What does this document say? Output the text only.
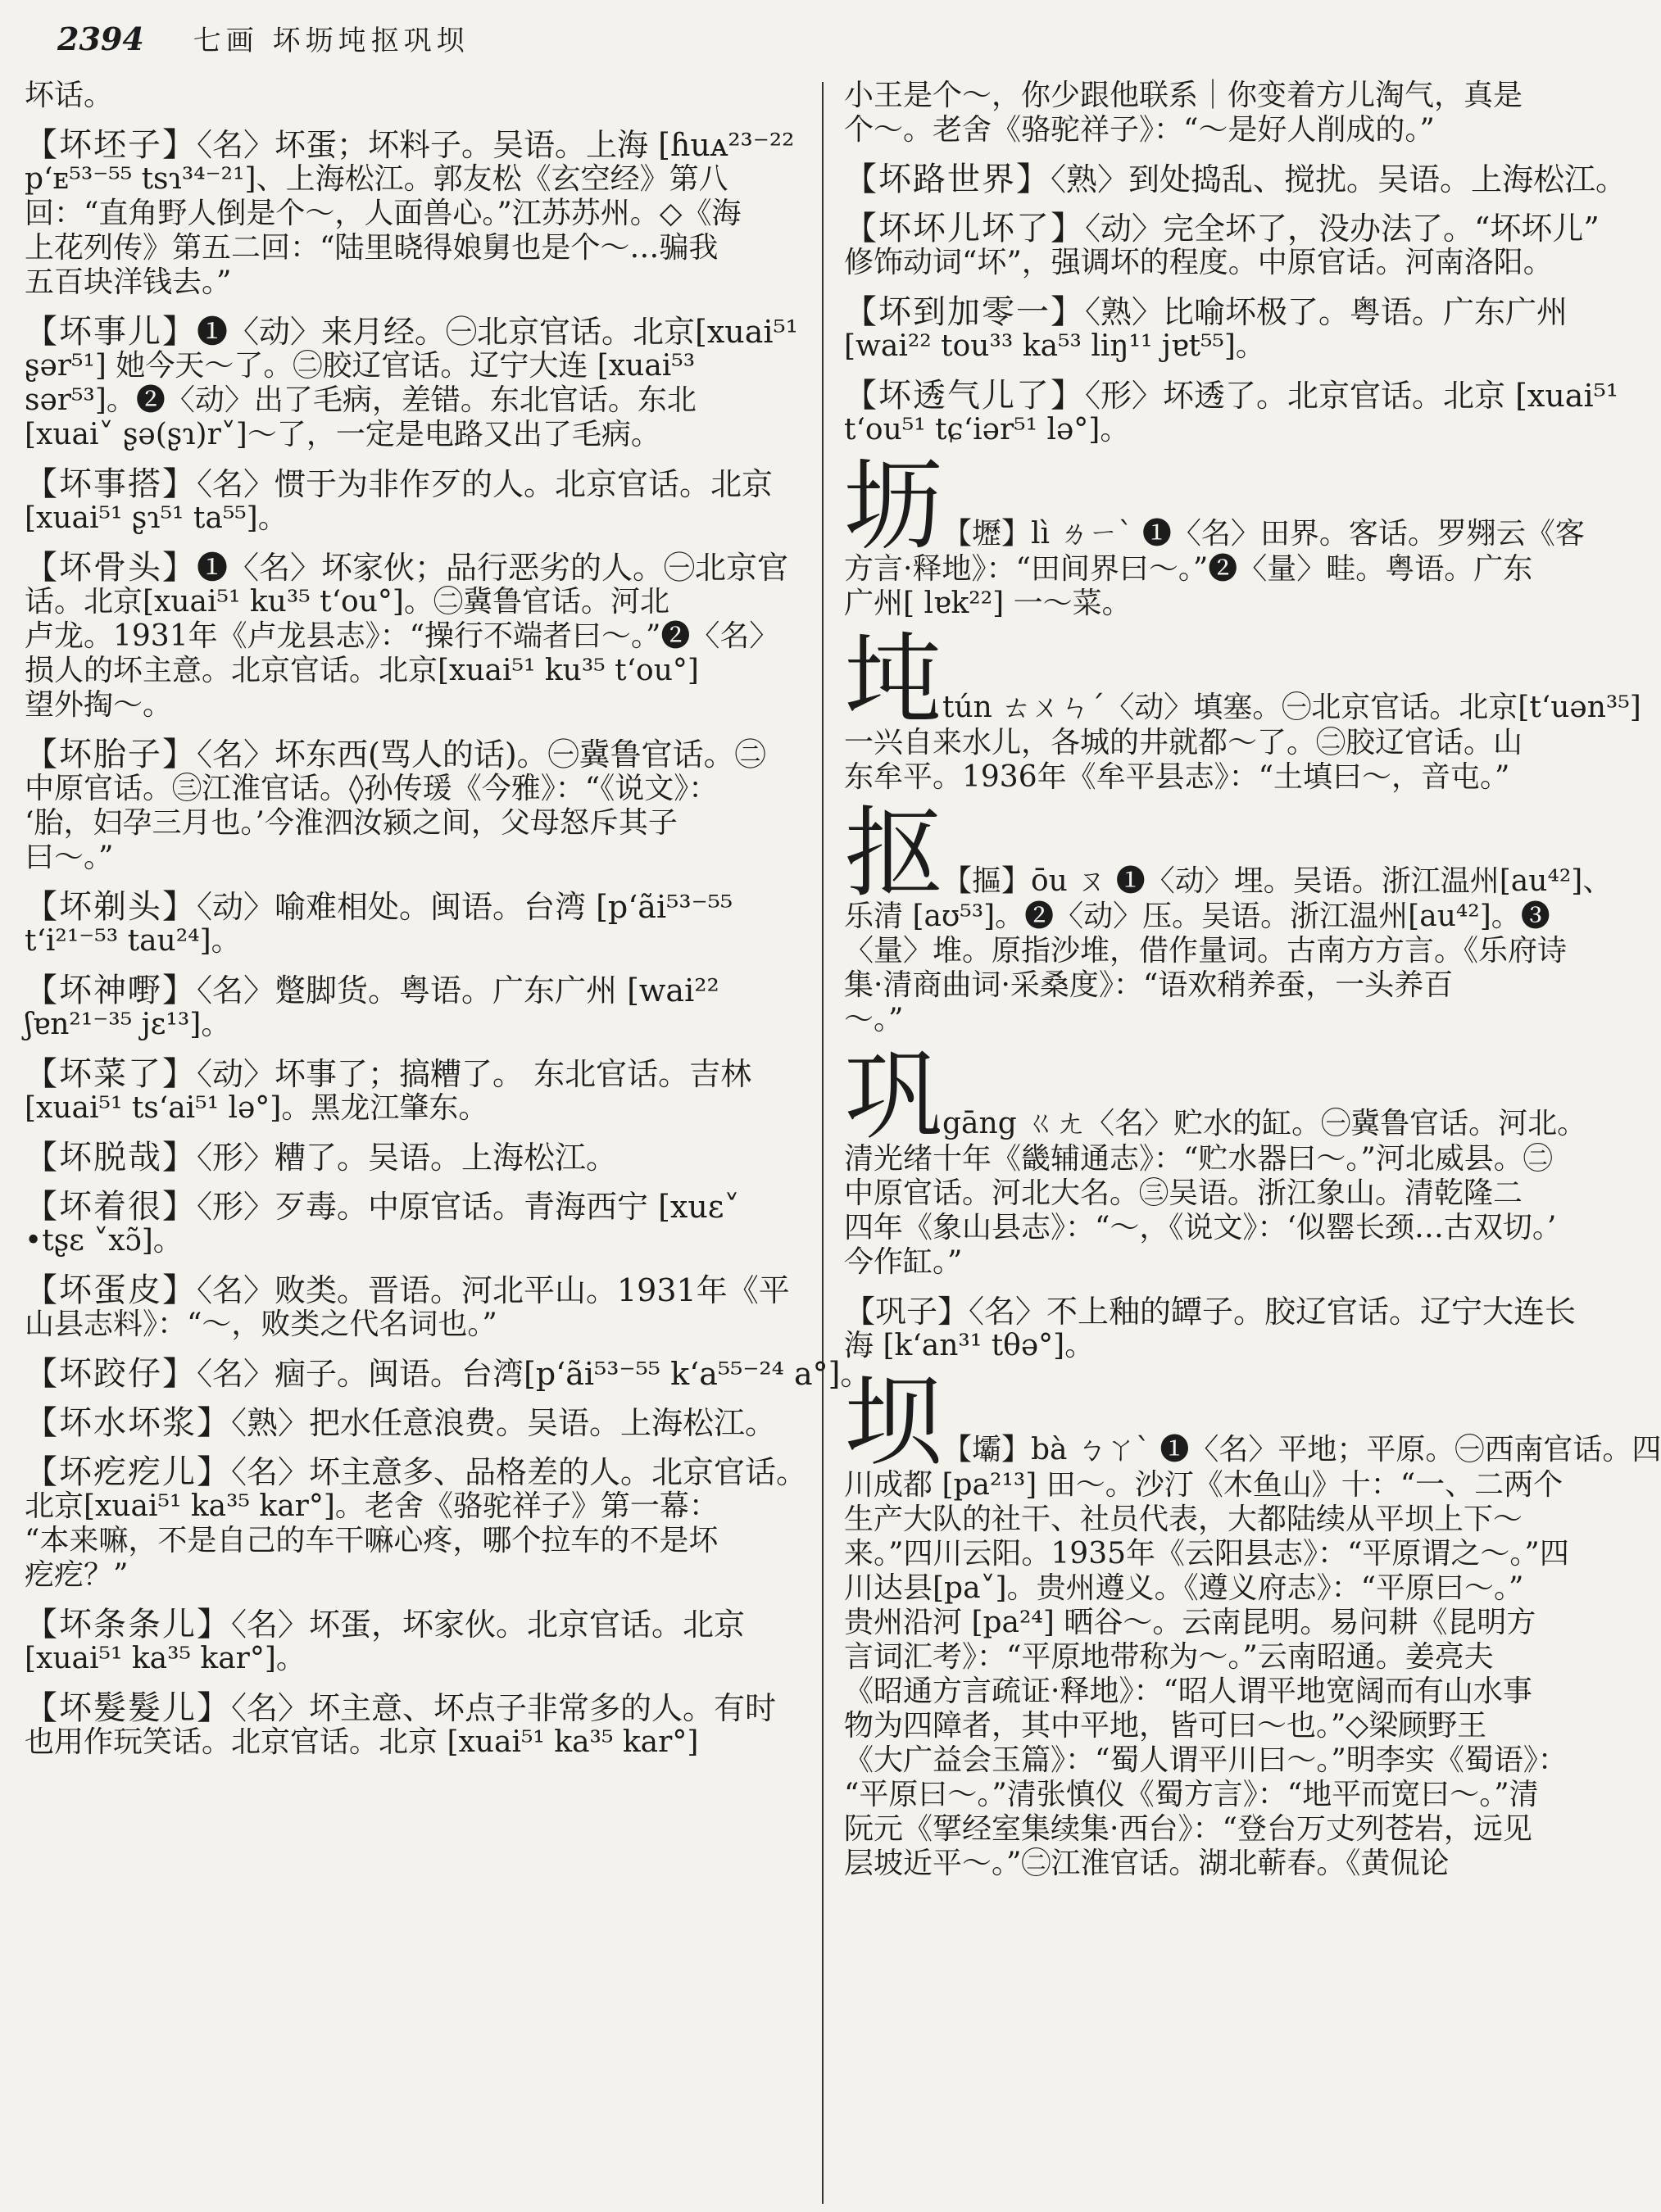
2394 七画 坏坜坉抠巩坝
坏话。
【坏坯子】〈名〉坏蛋；坏料子。吴语。上海 [ɦuᴀ²³⁻²²
pʻᴇ⁵³⁻⁵⁵ tsɿ³⁴⁻²¹]、上海松江。郭友松《玄空经》第八
回：“直角野人倒是个～，人面兽心。”江苏苏州。◇《海
上花列传》第五二回：“陆里晓得娘舅也是个～…骗我
五百块洋钱去。”
【坏事儿】❶〈动〉来月经。㊀北京官话。北京[xuai⁵¹
ʂər⁵¹] 她今天～了。㊁胶辽官话。辽宁大连 [xuai⁵³
sər⁵³]。❷〈动〉出了毛病，差错。东北官话。东北
[xuai˅ ʂə(ʂɿ)r˅]～了，一定是电路又出了毛病。
【坏事搭】〈名〉惯于为非作歹的人。北京官话。北京
[xuai⁵¹ ʂɿ⁵¹ ta⁵⁵]。
【坏骨头】❶〈名〉坏家伙；品行恶劣的人。㊀北京官
话。北京[xuai⁵¹ ku³⁵ tʻou°]。㊁冀鲁官话。河北
卢龙。1931年《卢龙县志》：“操行不端者曰～。”❷〈名〉
损人的坏主意。北京官话。北京[xuai⁵¹ ku³⁵ tʻou°]
望外掏～。
【坏胎子】〈名〉坏东西(骂人的话)。㊀冀鲁官话。㊁
中原官话。㊂江淮官话。◊孙传瑗《今雅》：“《说文》：
‘胎，妇孕三月也。’今淮泗汝颍之间，父母怒斥其子
曰～。”
【坏剃头】〈动〉喻难相处。闽语。台湾 [pʻãi⁵³⁻⁵⁵
tʻi²¹⁻⁵³ tau²⁴]。
【坏神嘢】〈名〉蹩脚货。粤语。广东广州 [wai²²
ʃɐn²¹⁻³⁵ jɛ¹³]。
【坏菜了】〈动〉坏事了；搞糟了。 东北官话。吉林
[xuai⁵¹ tsʻai⁵¹ lə°]。黑龙江肇东。
【坏脱哉】〈形〉糟了。吴语。上海松江。
【坏着很】〈形〉歹毒。中原官话。青海西宁 [xuɛ˅
•tʂɛ ˅xɔ̃]。
【坏蛋皮】〈名〉败类。晋语。河北平山。1931年《平
山县志料》：“～，败类之代名词也。”
【坏跤仔】〈名〉痼子。闽语。台湾[pʻãi⁵³⁻⁵⁵ kʻa⁵⁵⁻²⁴ a°]。
【坏水坏浆】〈熟〉把水任意浪费。吴语。上海松江。
【坏疙疙儿】〈名〉坏主意多、品格差的人。北京官话。
北京[xuai⁵¹ ka³⁵ kar°]。老舍《骆驼祥子》第一幕：
“本来嘛，不是自己的车干嘛心疼，哪个拉车的不是坏
疙疙？”
【坏条条儿】〈名〉坏蛋，坏家伙。北京官话。北京
[xuai⁵¹ ka³⁵ kar°]。
【坏髮髮儿】〈名〉坏主意、坏点子非常多的人。有时
也用作玩笑话。北京官话。北京 [xuai⁵¹ ka³⁵ kar°]
小王是个～，你少跟他联系｜你变着方儿淘气，真是
个～。老舍《骆驼祥子》：“～是好人削成的。”
【坏路世界】〈熟〉到处捣乱、搅扰。吴语。上海松江。
【坏坏儿坏了】〈动〉完全坏了，没办法了。“坏坏儿”
修饰动词“坏”，强调坏的程度。中原官话。河南洛阳。
【坏到加零一】〈熟〉比喻坏极了。粤语。广东广州
[wai²² tou³³ ka⁵³ liŋ¹¹ jɐt⁵⁵]。
【坏透气儿了】〈形〉坏透了。北京官话。北京 [xuai⁵¹
tʻou⁵¹ tɕʻiər⁵¹ lə°]。
坜 【壢】lì ㄌㄧˋ ❶〈名〉田界。客话。罗翙云《客
方言·释地》：“田间界曰～。”❷〈量〉畦。粤语。广东
广州[ lɐk²²] 一～菜。
坉 tún ㄊㄨㄣˊ〈动〉填塞。㊀北京官话。北京[tʻuən³⁵]
一兴自来水儿，各城的井就都～了。㊁胶辽官话。山
东牟平。1936年《牟平县志》：“土填曰～，音屯。”
抠 【摳】ōu ㄡ ❶〈动〉埋。吴语。浙江温州[au⁴²]、
乐清 [aʊ⁵³]。❷〈动〉压。吴语。浙江温州[au⁴²]。❸
〈量〉堆。原指沙堆，借作量词。古南方方言。《乐府诗
集·清商曲词·采桑度》：“语欢稍养蚕，一头养百
～。”
巩 gāng ㄍㄤ〈名〉贮水的缸。㊀冀鲁官话。河北。
清光绪十年《畿辅通志》：“贮水器曰～。”河北威县。㊁
中原官话。河北大名。㊂吴语。浙江象山。清乾隆二
四年《象山县志》：“～，《说文》：‘似罂长颈…古双切。’
今作缸。”
【巩子】〈名〉不上釉的罈子。胶辽官话。辽宁大连长
海 [kʻan³¹ tθə°]。
坝 【壩】bà ㄅㄚˋ ❶〈名〉平地；平原。㊀西南官话。四
川成都 [pa²¹³] 田～。沙汀《木鱼山》十：“一、二两个
生产大队的社干、社员代表，大都陆续从平坝上下～
来。”四川云阳。1935年《云阳县志》：“平原谓之～。”四
川达县[pa˅]。贵州遵义。《遵义府志》：“平原曰～。”
贵州沿河 [pa²⁴] 晒谷～。云南昆明。易问耕《昆明方
言词汇考》：“平原地带称为～。”云南昭通。姜亮夫
《昭通方言疏证·释地》：“昭人谓平地宽阔而有山水事
物为四障者，其中平地，皆可曰～也。”◇梁顾野王
《大广益会玉篇》：“蜀人谓平川曰～。”明李实《蜀语》：
“平原曰～。”清张慎仪《蜀方言》：“地平而宽曰～。”清
阮元《揅经室集续集·西台》：“登台万丈列苍岩，远见
层坡近平～。”㊁江淮官话。湖北蕲春。《黄侃论
